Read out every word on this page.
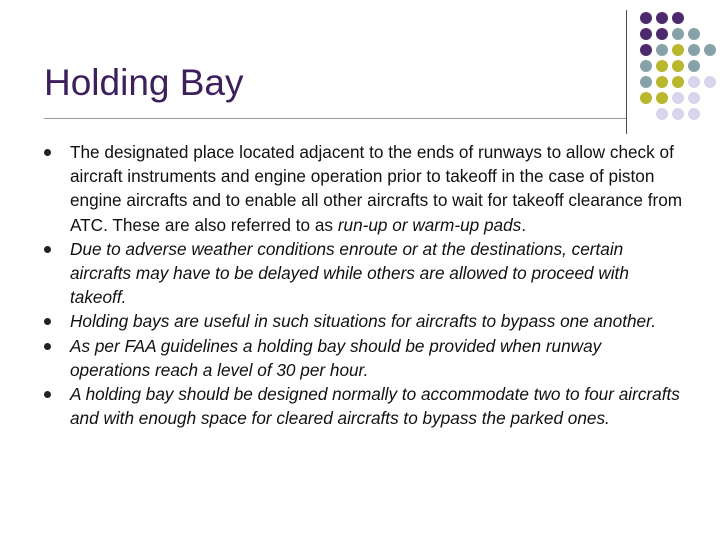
Holding Bay
The designated place located adjacent to the ends of runways to allow check of aircraft instruments and engine operation prior to takeoff in the case of piston engine aircrafts and to enable all other aircrafts to wait for takeoff clearance from ATC. These are also referred to as run-up or warm-up pads.
Due to adverse weather conditions enroute or at the destinations, certain aircrafts may have to be delayed while others are allowed to proceed with takeoff.
Holding bays are useful in such situations for aircrafts to bypass one another.
As per FAA guidelines a holding bay should be provided when runway operations reach a level of 30 per hour.
A holding bay should be designed normally to accommodate two to four aircrafts and with enough space for cleared aircrafts to bypass the parked ones.
